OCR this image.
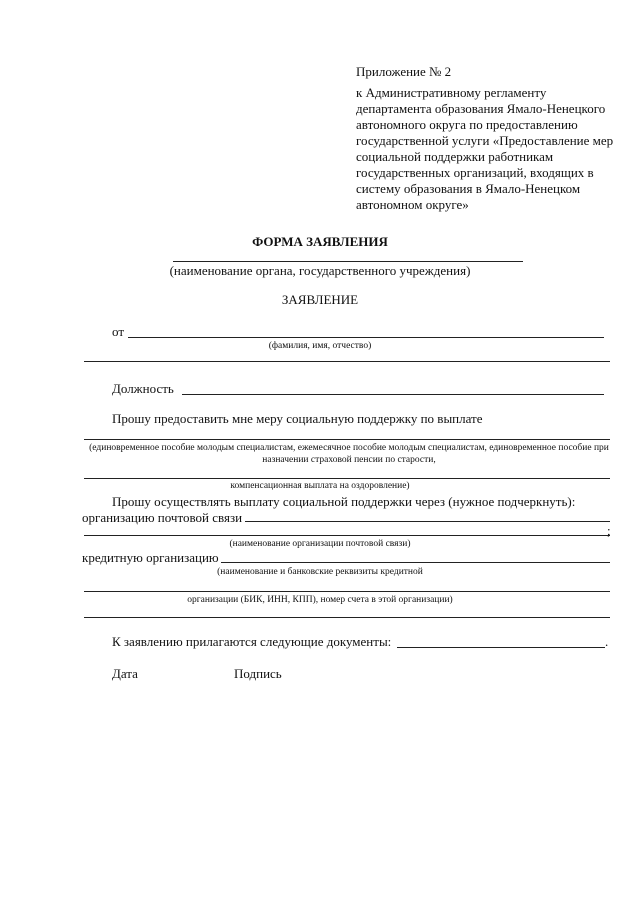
Приложение № 2
к Административному регламенту департамента образования Ямало-Ненецкого автономного округа по предоставлению государственной услуги «Предоставление мер социальной поддержки работникам государственных организаций, входящих в систему образования в Ямало-Ненецком автономном округе»
ФОРМА ЗАЯВЛЕНИЯ
(наименование органа, государственного учреждения)
ЗАЯВЛЕНИЕ
от
(фамилия, имя, отчество)
Должность
Прошу предоставить мне меру социальную поддержку по выплате
(единовременное пособие молодым специалистам, ежемесячное пособие молодым специалистам, единовременное пособие при назначении страховой пенсии по старости,
компенсационная выплата на оздоровление)
Прошу осуществлять выплату социальной поддержки через (нужное подчеркнуть):
организацию почтовой связи
;
(наименование организации почтовой связи)
кредитную организацию
(наименование и банковские реквизиты кредитной
организации (БИК, ИНН, КПП), номер счета в этой организации)
К заявлению прилагаются следующие документы:	.
Дата	Подпись
